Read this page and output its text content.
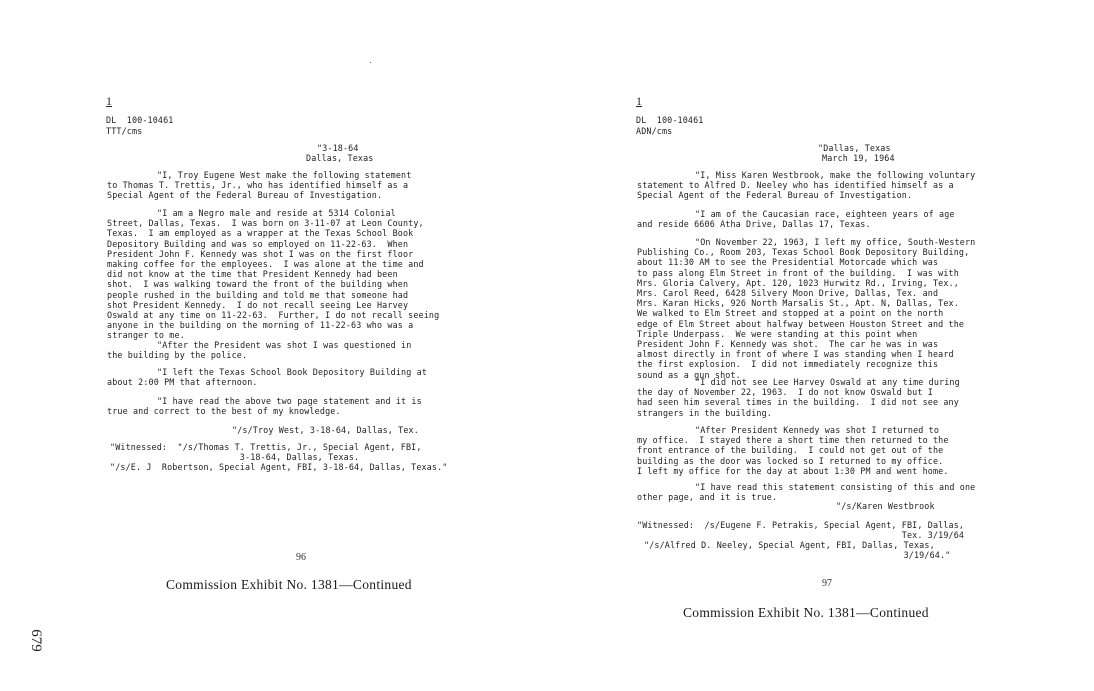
1
DL  100-10461
TTT/cms
"3-18-64
Dallas, Texas
"I, Troy Eugene West make the following statement
to Thomas T. Trettis, Jr., who has identified himself as a
Special Agent of the Federal Bureau of Investigation.
"I am a Negro male and reside at 5314 Colonial
Street, Dallas, Texas.  I was born on 3-11-07 at Leon County,
Texas.  I am employed as a wrapper at the Texas School Book
Depository Building and was so employed on 11-22-63.  When
President John F. Kennedy was shot I was on the first floor
making coffee for the employees.  I was alone at the time and
did not know at the time that President Kennedy had been
shot.  I was walking toward the front of the building when
people rushed in the building and told me that someone had
shot President Kennedy.  I do not recall seeing Lee Harvey
Oswald at any time on 11-22-63.  Further, I do not recall seeing
anyone in the building on the morning of 11-22-63 who was a
stranger to me.
"After the President was shot I was questioned in
the building by the police.
"I left the Texas School Book Depository Building at
about 2:00 PM that afternoon.
"I have read the above two page statement and it is
true and correct to the best of my knowledge.
"/s/Troy West, 3-18-64, Dallas, Tex.
"Witnessed:  "/s/Thomas T. Trettis, Jr., Special Agent, FBI,
3-18-64, Dallas, Texas.
"/s/E. J  Robertson, Special Agent, FBI, 3-18-64, Dallas, Texas."
96
Commission Exhibit No. 1381—Continued
1
DL  100-10461
ADN/cms
"Dallas, Texas
March 19, 1964
"I, Miss Karen Westbrook, make the following voluntary
statement to Alfred D. Neeley who has identified himself as a
Special Agent of the Federal Bureau of Investigation.
"I am of the Caucasian race, eighteen years of age
and reside 6606 Atha Drive, Dallas 17, Texas.
"On November 22, 1963, I left my office, South-Western
Publishing Co., Room 203, Texas School Book Depository Building,
about 11:30 AM to see the Presidential Motorcade which was
to pass along Elm Street in front of the building.  I was with
Mrs. Gloria Calvery, Apt. 120, 1023 Hurwitz Rd., Irving, Tex.,
Mrs. Carol Reed, 6428 Silvery Moon Drive, Dallas, Tex. and
Mrs. Karan Hicks, 926 North Marsalis St., Apt. N, Dallas, Tex.
We walked to Elm Street and stopped at a point on the north
edge of Elm Street about halfway between Houston Street and the
Triple Underpass.  We were standing at this point when
President John F. Kennedy was shot.  The car he was in was
almost directly in front of where I was standing when I heard
the first explosion.  I did not immediately recognize this
sound as a gun shot.
"I did not see Lee Harvey Oswald at any time during
the day of November 22, 1963.  I do not know Oswald but I
had seen him several times in the building.  I did not see any
strangers in the building.
"After President Kennedy was shot I returned to
my office.  I stayed there a short time then returned to the
front entrance of the building.  I could not get out of the
building as the door was locked so I returned to my office.
I left my office for the day at about 1:30 PM and went home.
"I have read this statement consisting of this and one
other page, and it is true.
"/s/Karen Westbrook
"Witnessed:  /s/Eugene F. Petrakis, Special Agent, FBI, Dallas,
Tex. 3/19/64
"/s/Alfred D. Neeley, Special Agent, FBI, Dallas, Texas,
3/19/64."
97
Commission Exhibit No. 1381—Continued
679
